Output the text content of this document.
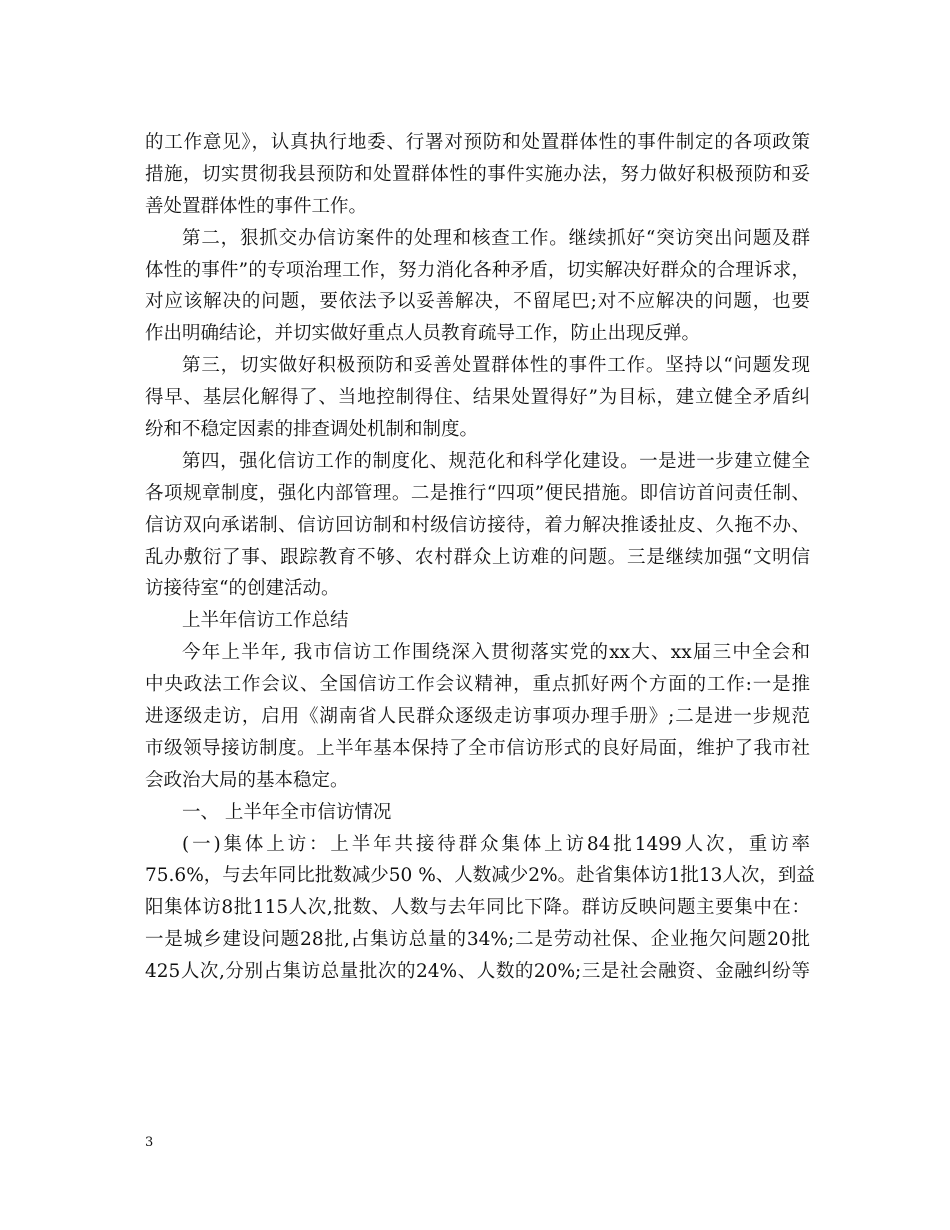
的工作意见》，认真执行地委、行署对预防和处置群体性的事件制定的各项政策
措施，切实贯彻我县预防和处置群体性的事件实施办法，努力做好积极预防和妥
善处置群体性的事件工作。
第二，狠抓交办信访案件的处理和核查工作。继续抓好“突访突出问题及群
体性的事件”的专项治理工作，努力消化各种矛盾，切实解决好群众的合理诉求，
对应该解决的问题，要依法予以妥善解决，不留尾巴;对不应解决的问题，也要
作出明确结论，并切实做好重点人员教育疏导工作，防止出现反弹。
第三，切实做好积极预防和妥善处置群体性的事件工作。坚持以“问题发现
得早、基层化解得了、当地控制得住、结果处置得好”为目标，建立健全矛盾纠
纷和不稳定因素的排查调处机制和制度。
第四，强化信访工作的制度化、规范化和科学化建设。一是进一步建立健全
各项规章制度，强化内部管理。二是推行“四项”便民措施。即信访首问责任制、
信访双向承诺制、信访回访制和村级信访接待，着力解决推诿扯皮、久拖不办、
乱办敷衍了事、跟踪教育不够、农村群众上访难的问题。三是继续加强“文明信
访接待室“的创建活动。
上半年信访工作总结
今年上半年, 我市信访工作围绕深入贯彻落实党的xx大、xx届三中全会和
中央政法工作会议、全国信访工作会议精神，重点抓好两个方面的工作:一是推
进逐级走访，启用《湖南省人民群众逐级走访事项办理手册》;二是进一步规范
市级领导接访制度。上半年基本保持了全市信访形式的良好局面，维护了我市社
会政治大局的基本稳定。
一、 上半年全市信访情况
(一)集体上访：上半年共接待群众集体上访84批1499人次，重访率
75.6%，与去年同比批数减少50 %、人数减少2%。赴省集体访1批13人次，到益
阳集体访8批115人次,批数、人数与去年同比下降。群访反映问题主要集中在：
一是城乡建设问题28批,占集访总量的34%;二是劳动社保、企业拖欠问题20批
425人次,分别占集访总量批次的24%、人数的20%;三是社会融资、金融纠纷等
3
